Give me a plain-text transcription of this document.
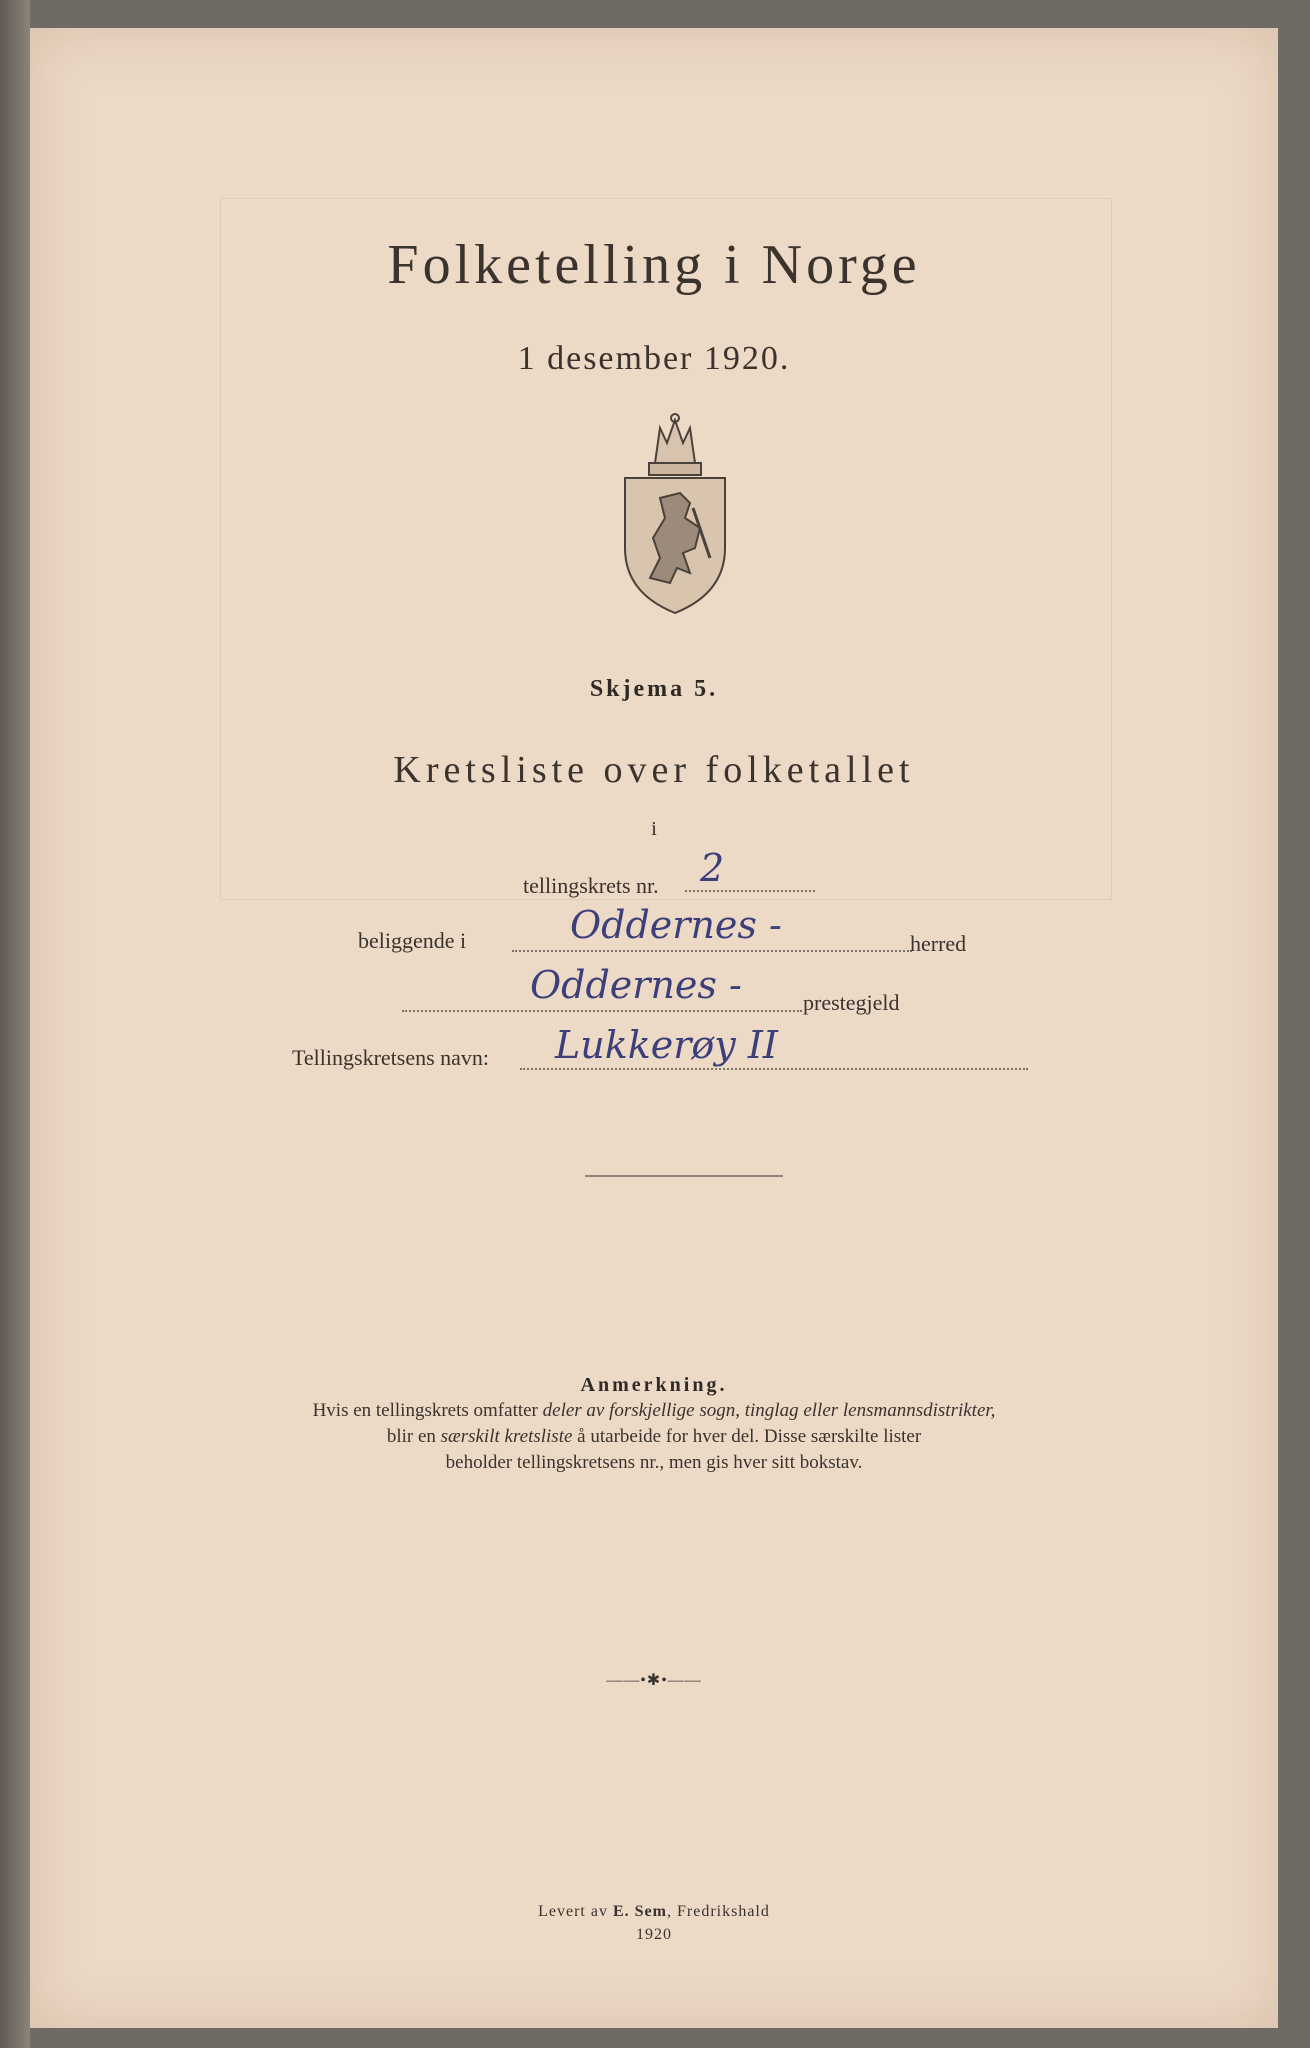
Folketelling i Norge
1 desember 1920.
Skjema 5.
Kretsliste over folketallet
i
tellingskrets nr. 2
beliggende i	Oddernes -	herred
Oddernes -	prestegjeld
Tellingskretsens navn: Lukkerøy II
Anmerkning.
Hvis en tellingskrets omfatter deler av forskjellige sogn, tinglag eller lensmannsdistrikter,
blir en særskilt kretsliste å utarbeide for hver del. Disse særskilte lister
beholder tellingskretsens nr., men gis hver sitt bokstav.
——•✱•——
Levert av E. Sem, Fredrikshald
1920
